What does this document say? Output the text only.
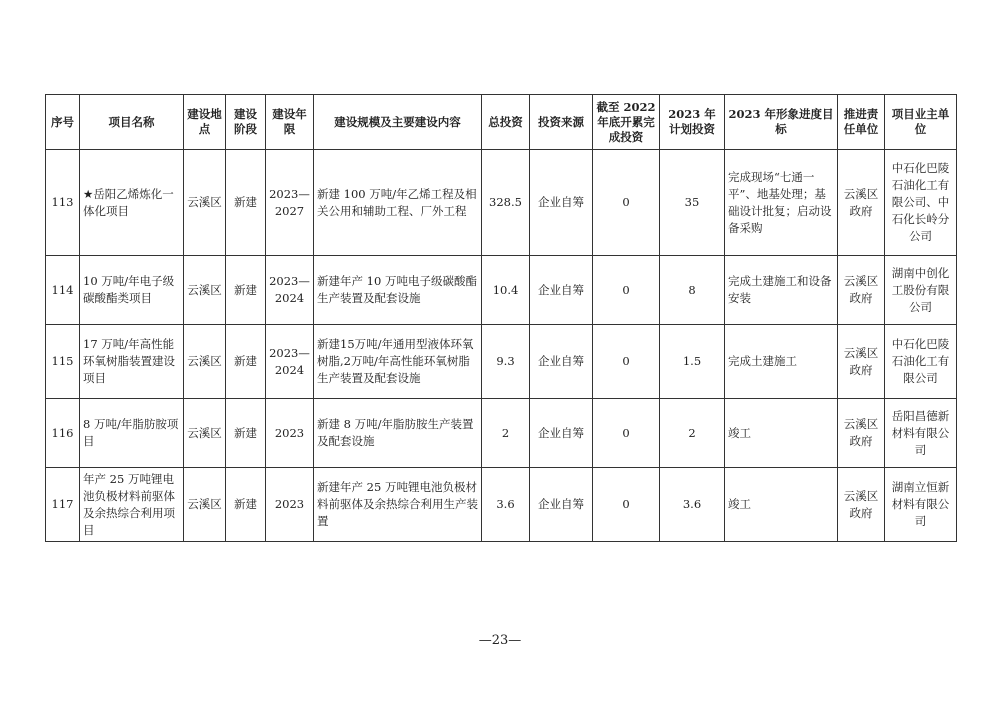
序号	项目名称	建设地点	建设阶段	建设年限	建设规模及主要建设内容	总投资	投资来源	截至 2022 年底开累完成投资	2023 年计划投资	2023 年形象进度目标	推进责任单位	项目业主单位
113	★岳阳乙烯炼化一体化项目	云溪区	新建	2023—2027	新建 100 万吨/年乙烯工程及相关公用和辅助工程、厂外工程	328.5	企业自筹	0	35	完成现场“七通一平”、地基处理；基础设计批复；启动设备采购	云溪区政府	中石化巴陵石油化工有限公司、中石化长岭分公司
114	10 万吨/年电子级碳酸酯类项目	云溪区	新建	2023—2024	新建年产 10 万吨电子级碳酸酯生产装置及配套设施	10.4	企业自筹	0	8	完成土建施工和设备安装	云溪区政府	湖南中创化工股份有限公司
115	17 万吨/年高性能环氧树脂装置建设项目	云溪区	新建	2023—2024	新建15万吨/年通用型液体环氧树脂,2万吨/年高性能环氧树脂生产装置及配套设施	9.3	企业自筹	0	1.5	完成土建施工	云溪区政府	中石化巴陵石油化工有限公司
116	8 万吨/年脂肪胺项目	云溪区	新建	2023	新建 8 万吨/年脂肪胺生产装置及配套设施	2	企业自筹	0	2	竣工	云溪区政府	岳阳昌德新材料有限公司
117	年产 25 万吨锂电池负极材料前驱体及余热综合利用项目	云溪区	新建	2023	新建年产 25 万吨锂电池负极材料前驱体及余热综合利用生产装置	3.6	企业自筹	0	3.6	竣工	云溪区政府	湖南立恒新材料有限公司
—23—
